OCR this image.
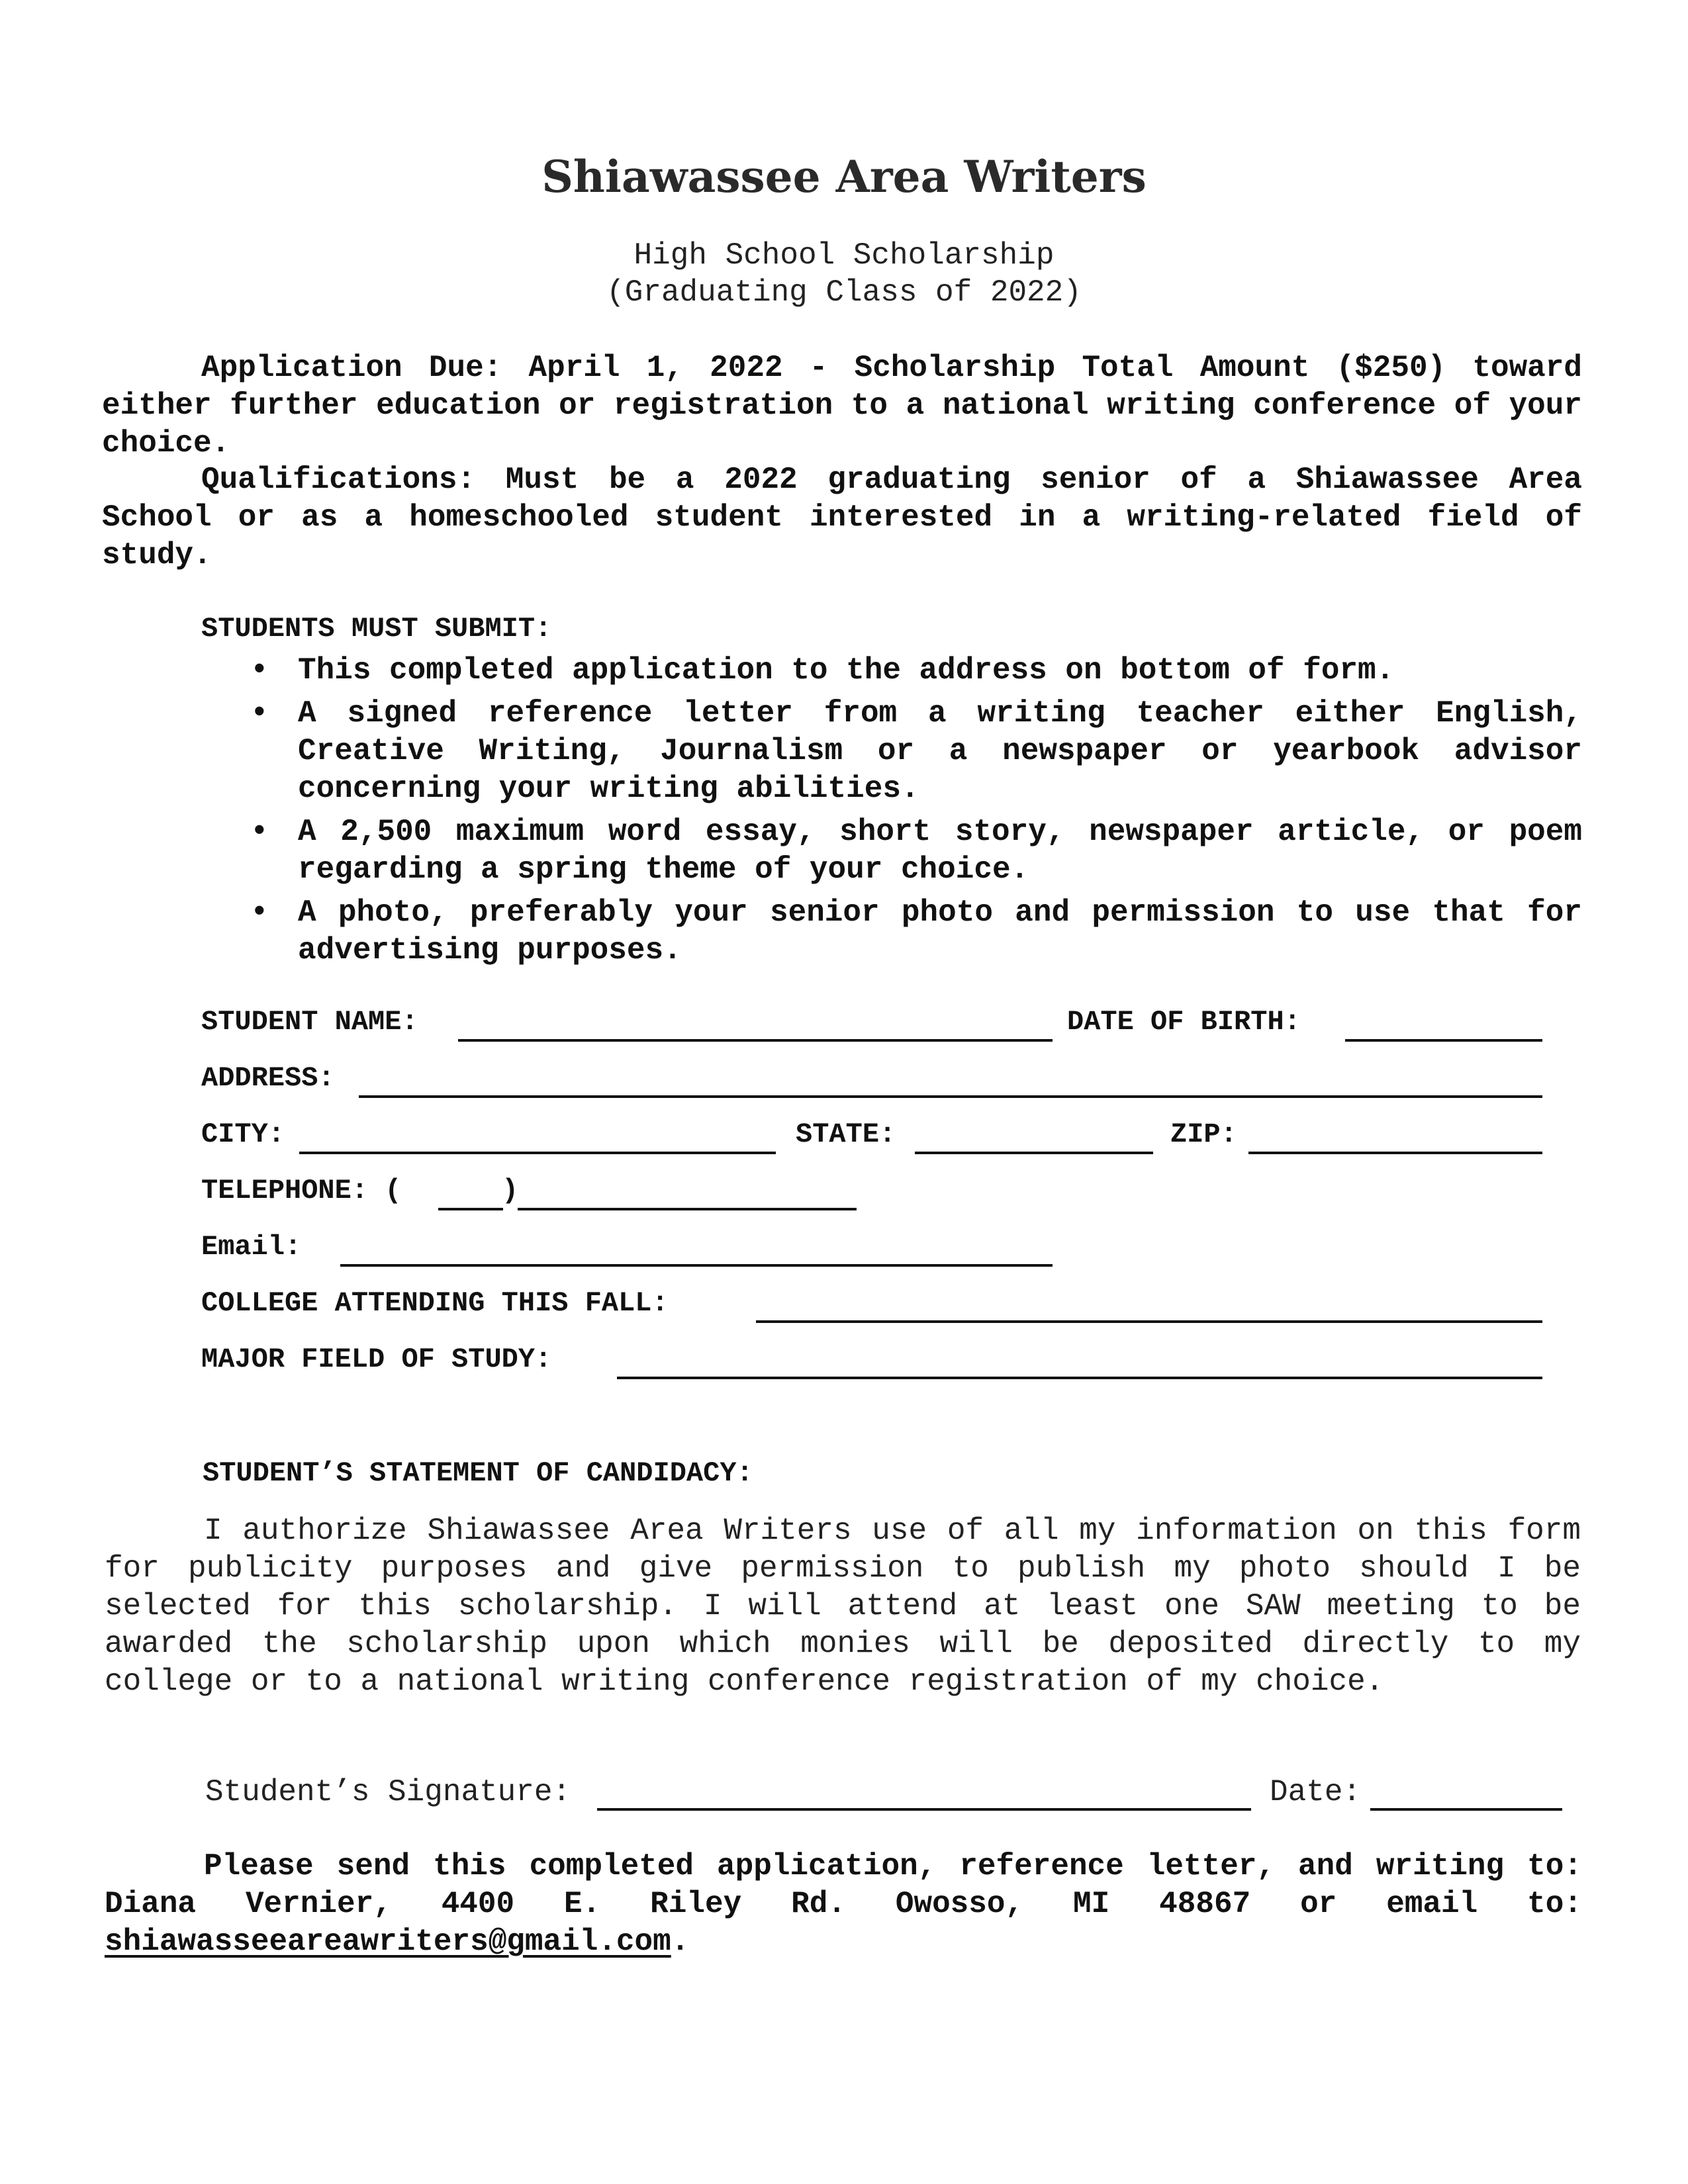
Shiawassee Area Writers
High School Scholarship
(Graduating Class of 2022)
Application Due: April 1, 2022 - Scholarship Total Amount ($250) toward either further education or registration to a national writing conference of your choice.
Qualifications: Must be a 2022 graduating senior of a Shiawassee Area School or as a homeschooled student interested in a writing-related field of study.
STUDENTS MUST SUBMIT:
• This completed application to the address on bottom of form.
• A signed reference letter from a writing teacher either English, Creative Writing, Journalism or a newspaper or yearbook advisor concerning your writing abilities.
• A 2,500 maximum word essay, short story, newspaper article, or poem regarding a spring theme of your choice.
• A photo, preferably your senior photo and permission to use that for advertising purposes.
STUDENT NAME:	DATE OF BIRTH:
ADDRESS:
CITY:	STATE:	ZIP:
TELEPHONE: (	)
Email:
COLLEGE ATTENDING THIS FALL:
MAJOR FIELD OF STUDY:
STUDENT’S STATEMENT OF CANDIDACY:
I authorize Shiawassee Area Writers use of all my information on this form for publicity purposes and give permission to publish my photo should I be selected for this scholarship. I will attend at least one SAW meeting to be awarded the scholarship upon which monies will be deposited directly to my college or to a national writing conference registration of my choice.
Student’s Signature:	Date:
Please send this completed application, reference letter, and writing to: Diana Vernier, 4400 E. Riley Rd. Owosso, MI 48867 or email to: shiawasseeareawriters@gmail.com.
